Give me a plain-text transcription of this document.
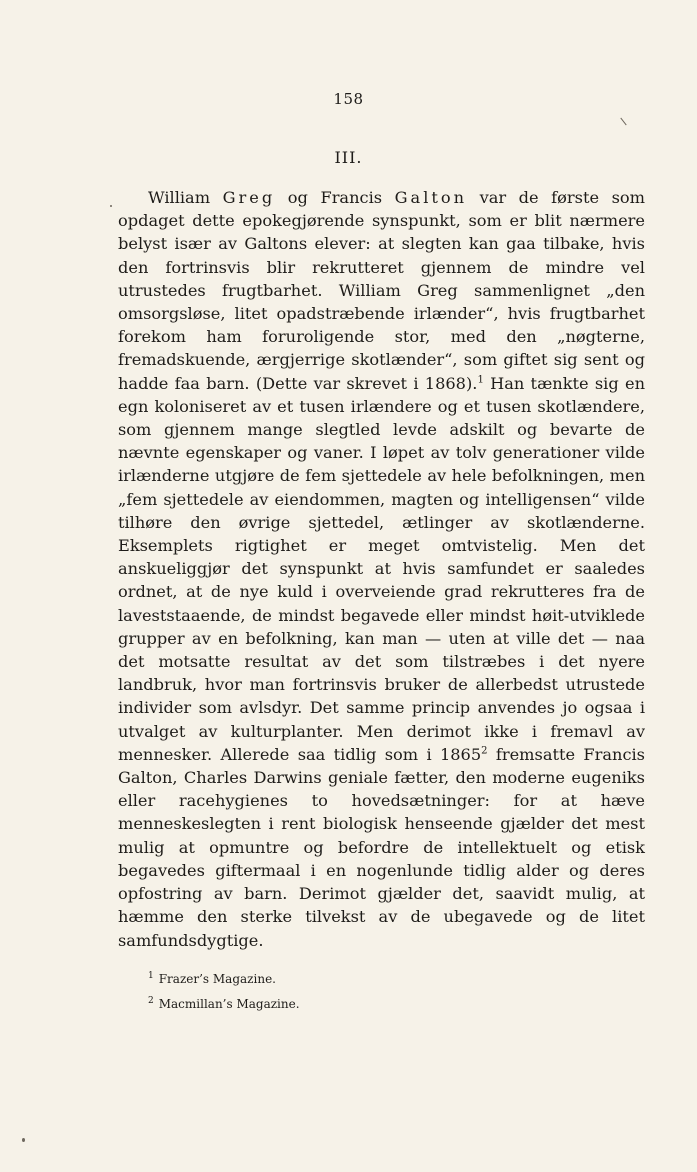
158
III.

William Greg og Francis Galton var de første som opdaget dette epokegjørende synspunkt, som er blit nærmere belyst især av Galtons elever: at slegten kan gaa tilbake, hvis den fortrinsvis blir rekrutteret gjennem de mindre vel utrustedes frugtbarhet. William Greg sammenlignet „den omsorgsløse, litet opadstræbende irlænder“, hvis frugtbarhet forekom ham foruroligende stor, med den „nøgterne, fremadskuende, ærgjerrige skotlænder“, som giftet sig sent og hadde faa barn. (Dette var skrevet i 1868).$^1$ Han tænkte sig en egn koloniseret av et tusen irlændere og et tusen skotlændere, som gjennem mange slegtled levde adskilt og bevarte de nævnte egenskaper og vaner. I løpet av tolv generationer vilde irlænderne utgjøre de fem sjettedele av hele befolkningen, men „fem sjettedele av eiendommen, magten og intelligensen“ vilde tilhøre den øvrige sjettedel, ætlinger av skotlænderne. Eksemplets rigtighet er meget omtvistelig. Men det anskueliggjør det synspunkt at hvis samfundet er saaledes ordnet, at de nye kuld i overveiende grad rekrutteres fra de laveststaaende, de mindst begavede eller mindst høit-utviklede grupper av en befolkning, kan man — uten at ville det — naa det motsatte resultat av det som tilstræbes i det nyere landbruk, hvor man fortrinsvis bruker de allerbedst utrustede individer som avlsdyr. Det samme princip anvendes jo ogsaa i utvalget av kulturplanter. Men derimot ikke i fremavl av mennesker. Allerede saa tidlig som i 1865$^2$ fremsatte Francis Galton, Charles Darwins geniale fætter, den moderne eugeniks eller racehygienes to hovedsætninger: for at hæve menneskeslegten i rent biologisk henseende gjælder det mest mulig at opmuntre og befordre de intellektuelt og etisk begavedes giftermaal i en nogenlunde tidlig alder og deres opfostring av barn. Derimot gjælder det, saavidt mulig, at hæmme den sterke tilvekst av de ubegavede og de litet samfundsdygtige.

$^1$ Frazer’s Magazine.
$^2$ Macmillan’s Magazine.
